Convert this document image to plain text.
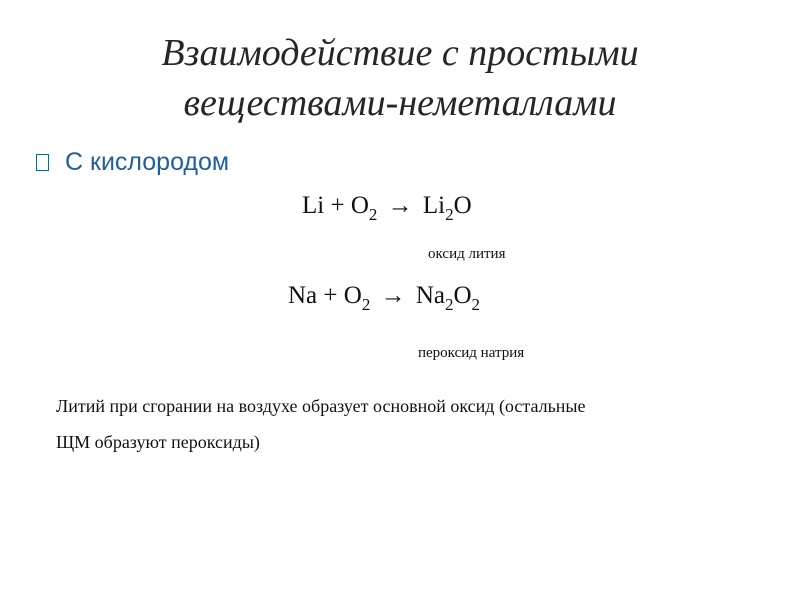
Взаимодействие с простыми
веществами-неметаллами
С кислородом
$Li + O_2 \to Li_2O$
оксид лития
$Na + O_2 \to Na_2O_2$
пероксид натрия
Литий при сгорании на воздухе образует основной оксид (остальные
ЩМ образуют пероксиды)
